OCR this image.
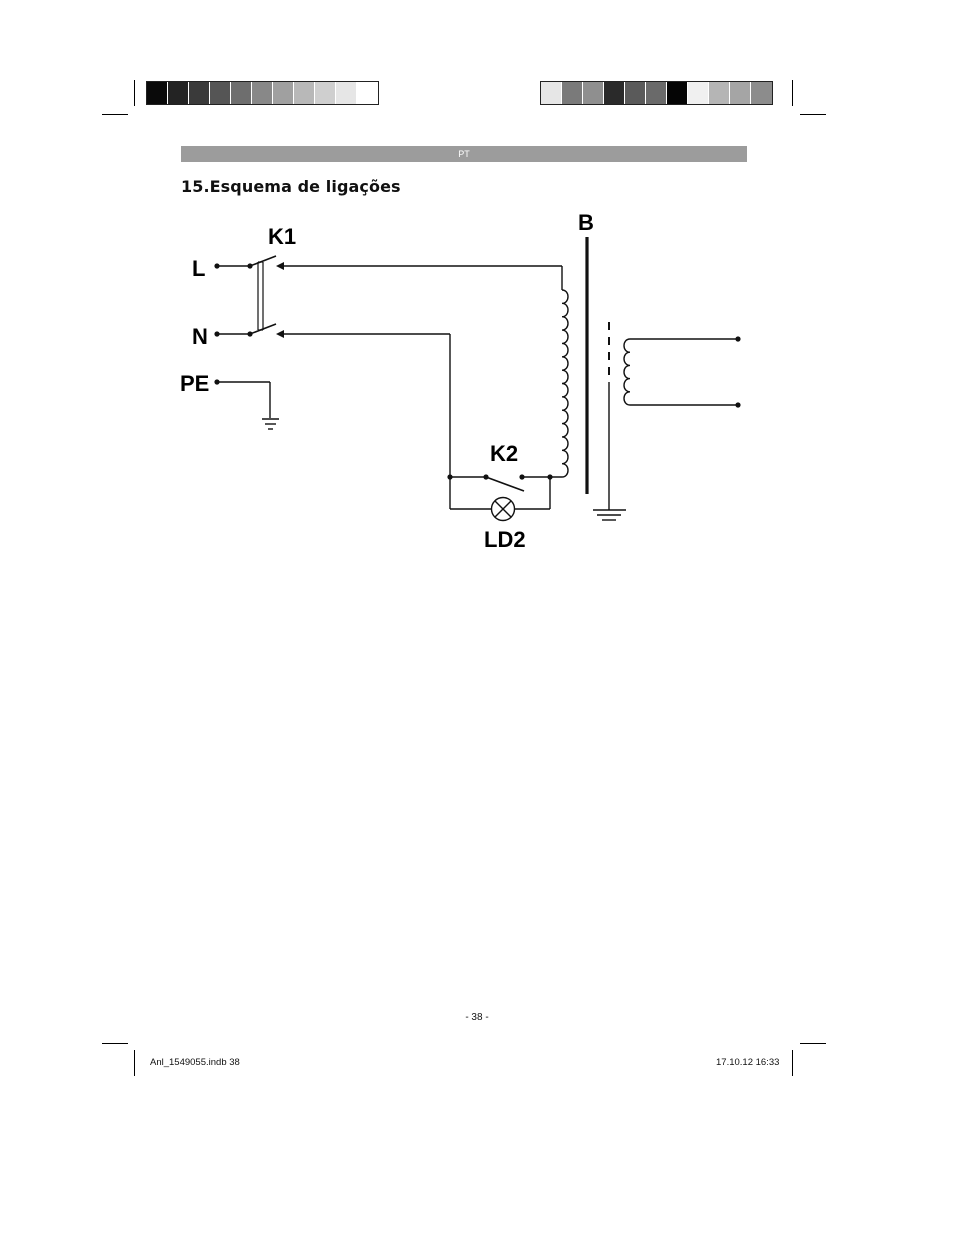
PT
15.Esquema de ligações
L
N
PE
K1
K2
LD2
B
- 38 -
Anl_1549055.indb 38	17.10.12 16:33
